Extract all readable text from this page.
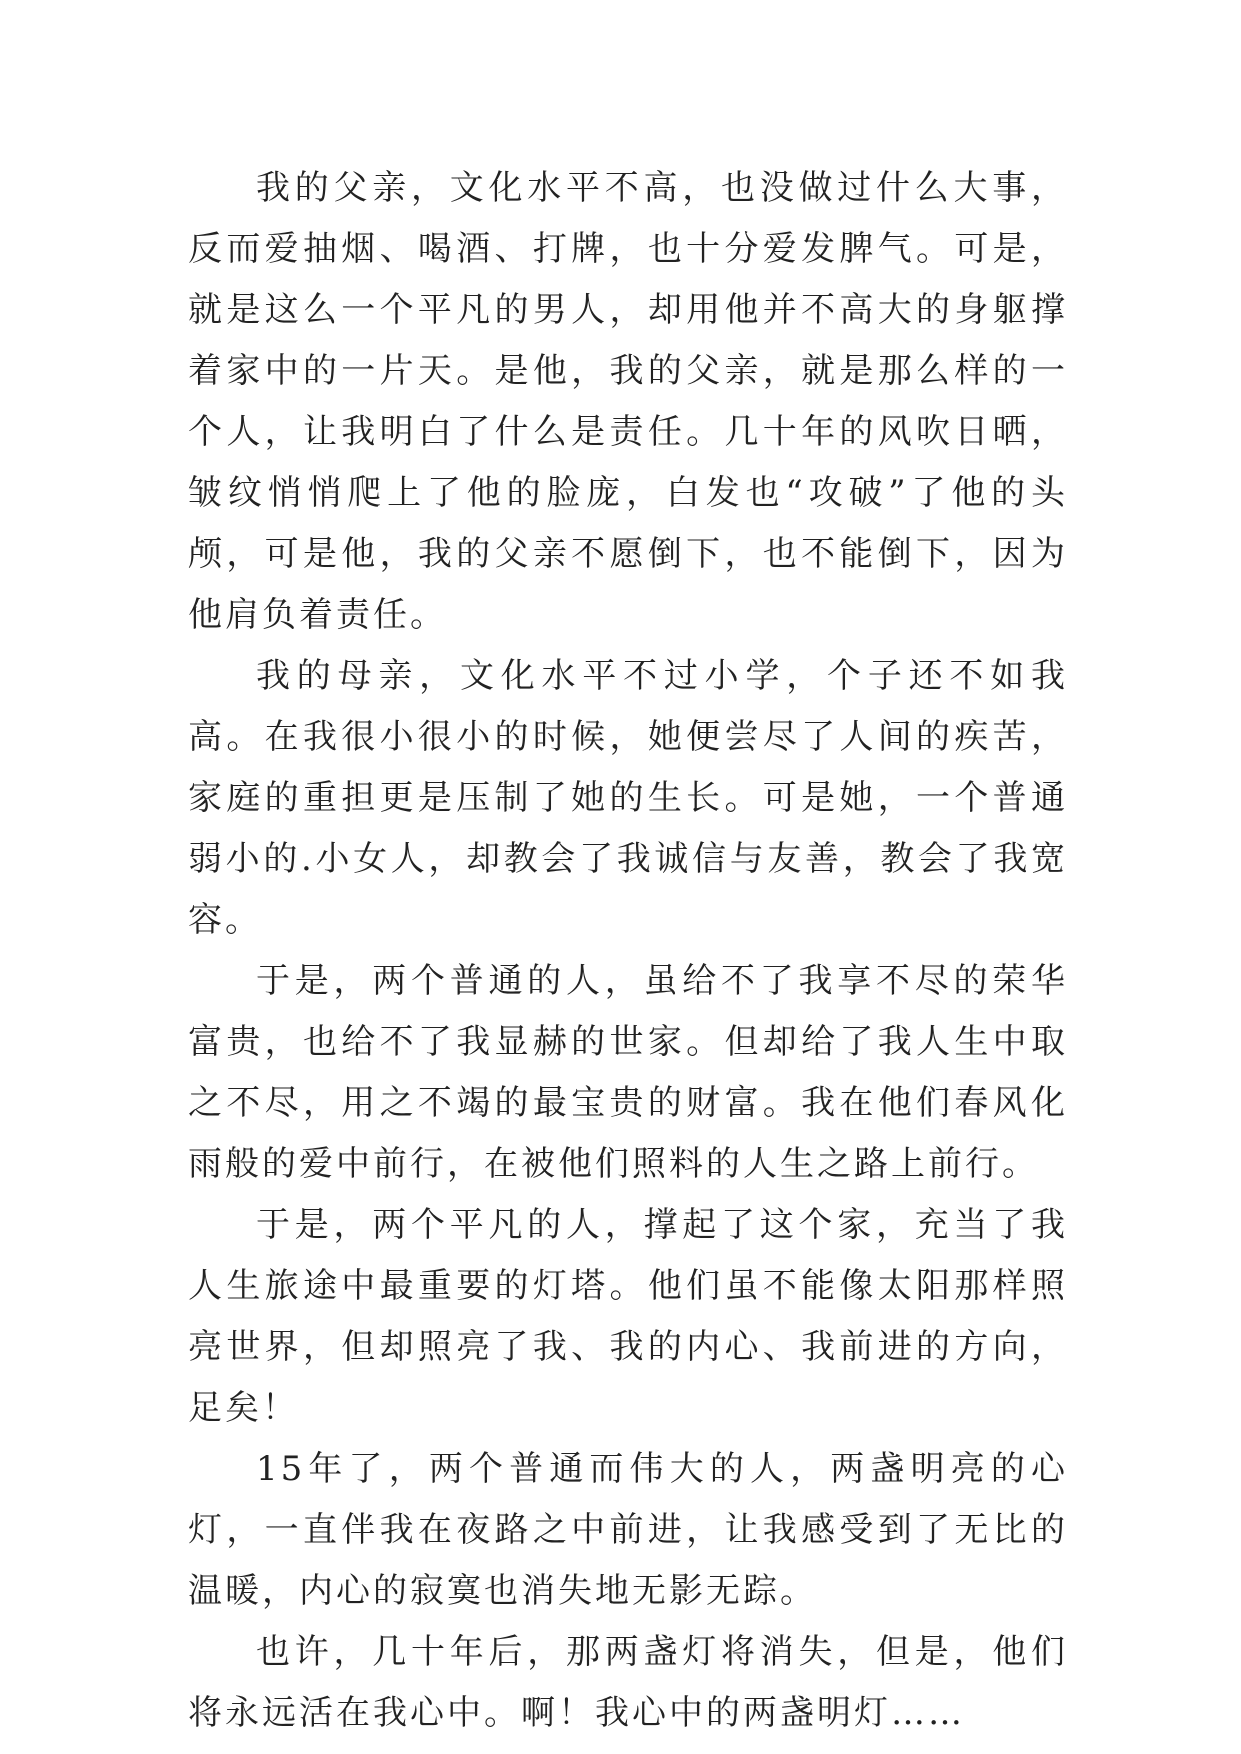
我的父亲，文化水平不高，也没做过什么大事，反而爱抽烟、喝酒、打牌，也十分爱发脾气。可是，就是这么一个平凡的男人，却用他并不高大的身躯撑着家中的一片天。是他，我的父亲，就是那么样的一个人，让我明白了什么是责任。几十年的风吹日晒，皱纹悄悄爬上了他的脸庞，白发也“攻破”了他的头颅，可是他，我的父亲不愿倒下，也不能倒下，因为他肩负着责任。

我的母亲，文化水平不过小学，个子还不如我高。在我很小很小的时候，她便尝尽了人间的疾苦，家庭的重担更是压制了她的生长。可是她，一个普通弱小的.小女人，却教会了我诚信与友善，教会了我宽容。

于是，两个普通的人，虽给不了我享不尽的荣华富贵，也给不了我显赫的世家。但却给了我人生中取之不尽，用之不竭的最宝贵的财富。我在他们春风化雨般的爱中前行，在被他们照料的人生之路上前行。

于是，两个平凡的人，撑起了这个家，充当了我人生旅途中最重要的灯塔。他们虽不能像太阳那样照亮世界，但却照亮了我、我的内心、我前进的方向，足矣！

15年了，两个普通而伟大的人，两盏明亮的心灯，一直伴我在夜路之中前进，让我感受到了无比的温暖，内心的寂寞也消失地无影无踪。

也许，几十年后，那两盏灯将消失，但是，他们将永远活在我心中。啊！我心中的两盏明灯……
